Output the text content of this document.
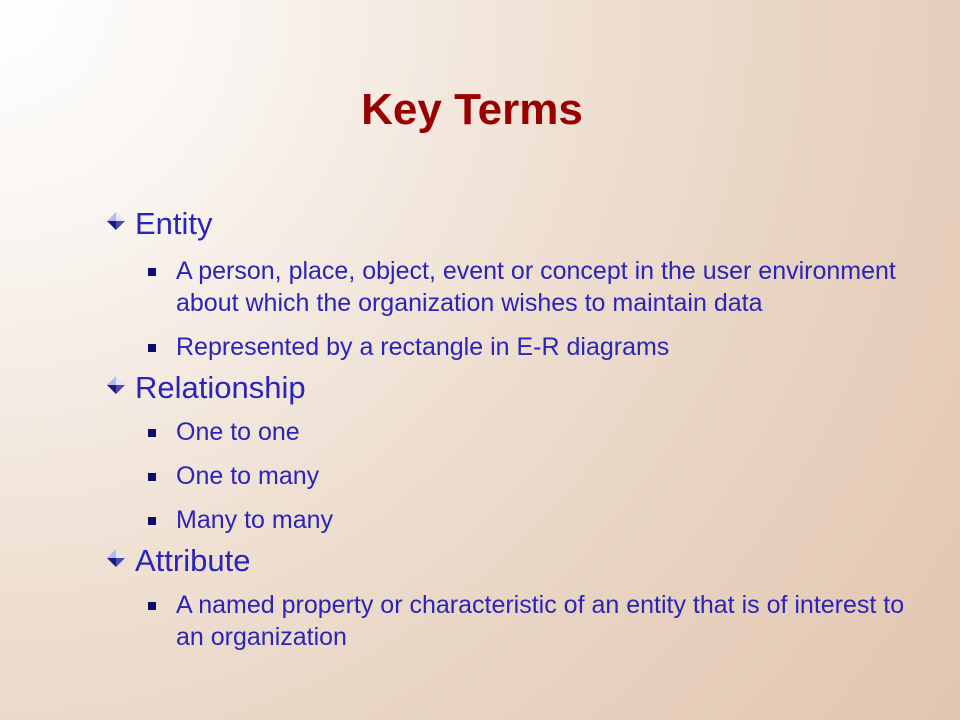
Key Terms
Entity
A person, place, object, event or concept in the user environment about which the organization wishes to maintain data
Represented by a rectangle in E-R diagrams
Relationship
One to one
One to many
Many to many
Attribute
A named property or characteristic of an entity that is of interest to an organization
